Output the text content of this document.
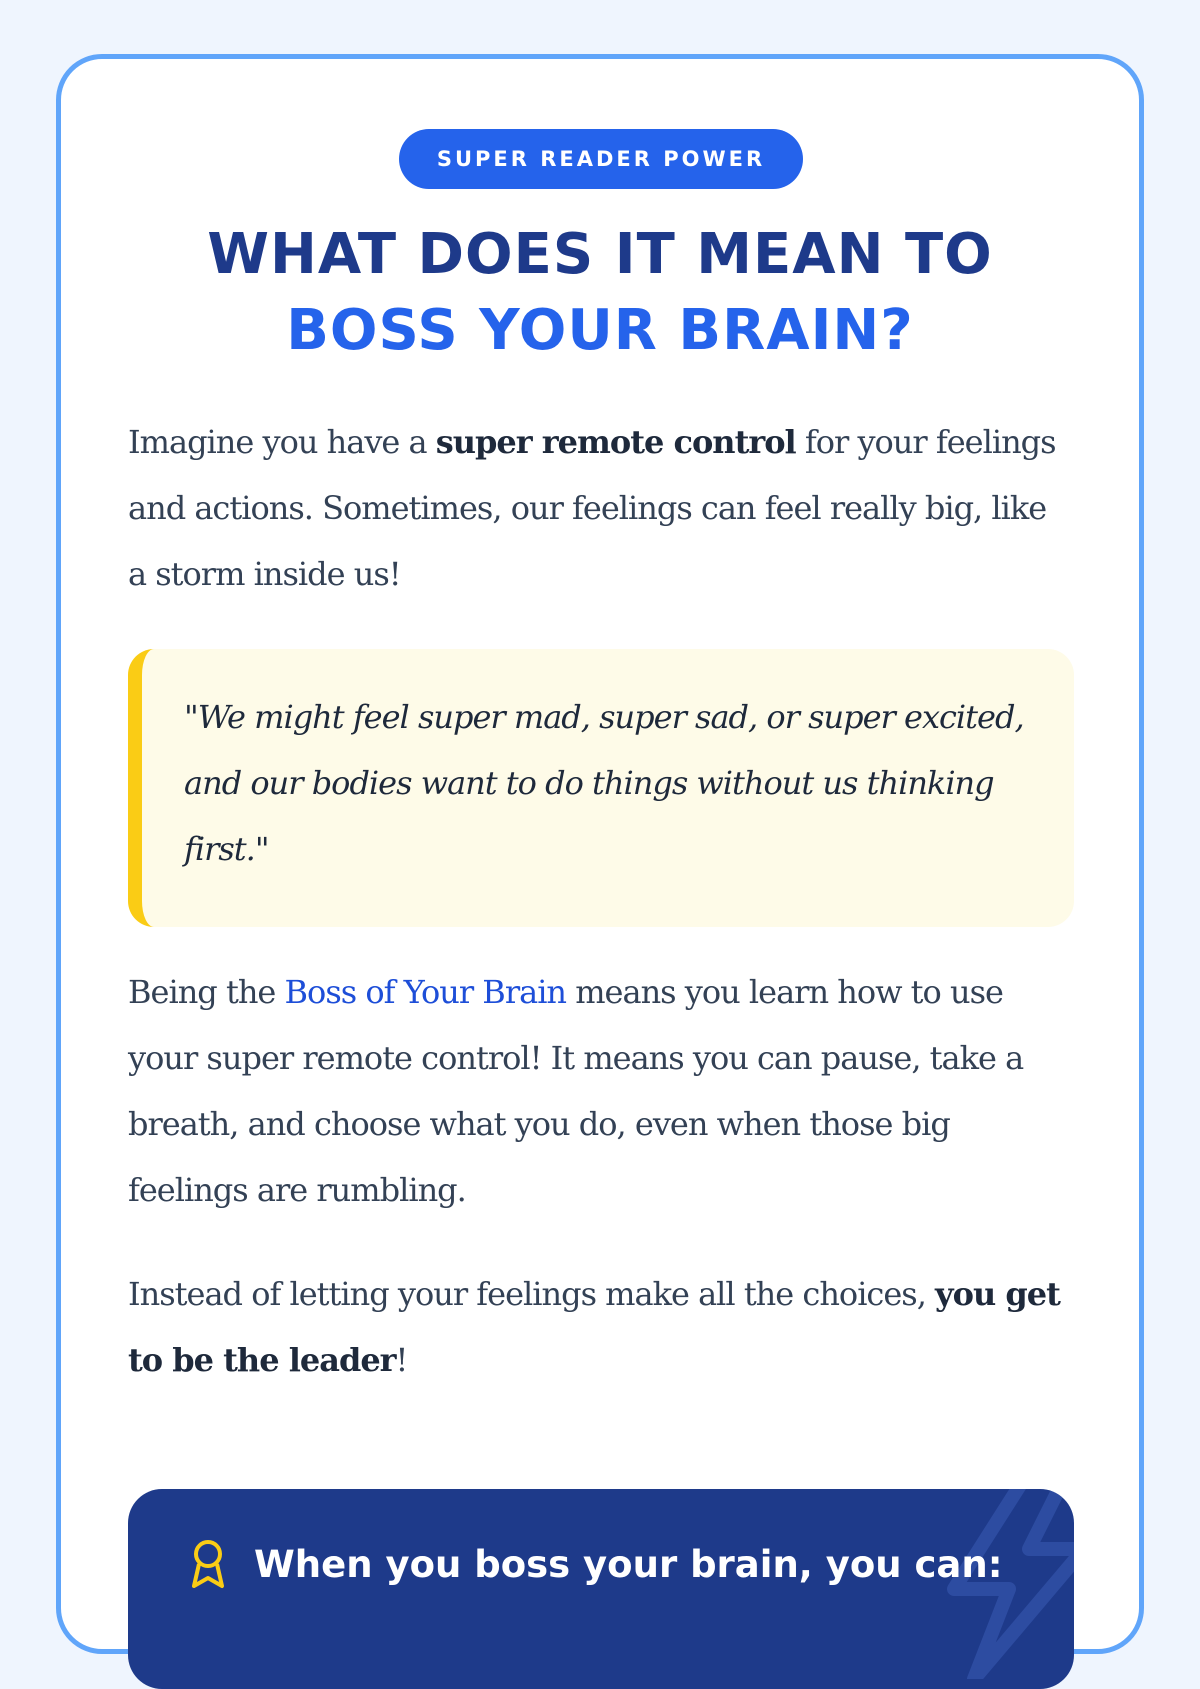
SUPER READER POWER
WHAT DOES IT MEAN TO
BOSS YOUR BRAIN?

Imagine you have a super remote control for your feelings and actions. Sometimes, our feelings can feel really big, like a storm inside us!

"We might feel super mad, super sad, or super excited, and our bodies want to do things without us thinking first."

Being the Boss of Your Brain means you learn how to use your super remote control! It means you can pause, take a breath, and choose what you do, even when those big feelings are rumbling.

Instead of letting your feelings make all the choices, you get to be the leader!

When you boss your brain, you can:
